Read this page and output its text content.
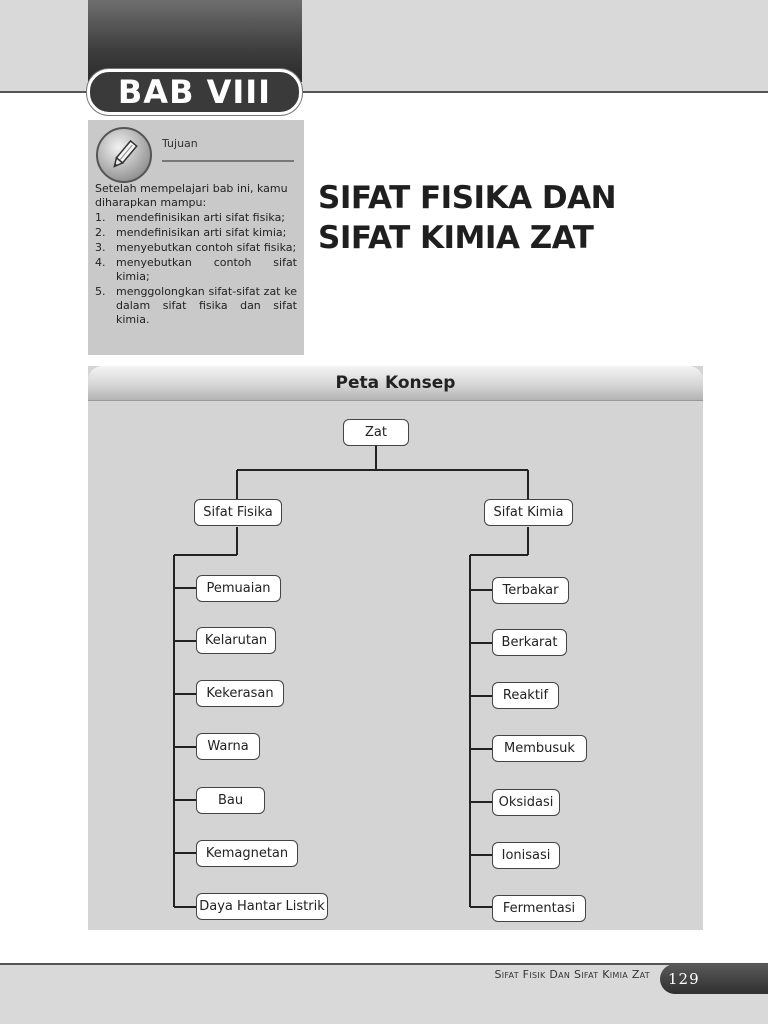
BAB VIII
Tujuan
Setelah mempelajari bab ini, kamu diharapkan mampu:
1. mendefinisikan arti sifat fisika;
2. mendefinisikan arti sifat kimia;
3. menyebutkan contoh sifat fisika;
4. menyebutkan contoh sifat kimia;
5. menggolongkan sifat-sifat zat ke dalam sifat fisika dan sifat kimia.
SIFAT FISIKA DAN
SIFAT KIMIA ZAT
Peta Konsep
Zat
Sifat Fisika	Sifat Kimia
Pemuaian
Kelarutan
Kekerasan
Warna
Bau
Kemagnetan
Daya Hantar Listrik
Terbakar
Berkarat
Reaktif
Membusuk
Oksidasi
Ionisasi
Fermentasi
Sifat Fisik Dan Sifat Kimia Zat	129
